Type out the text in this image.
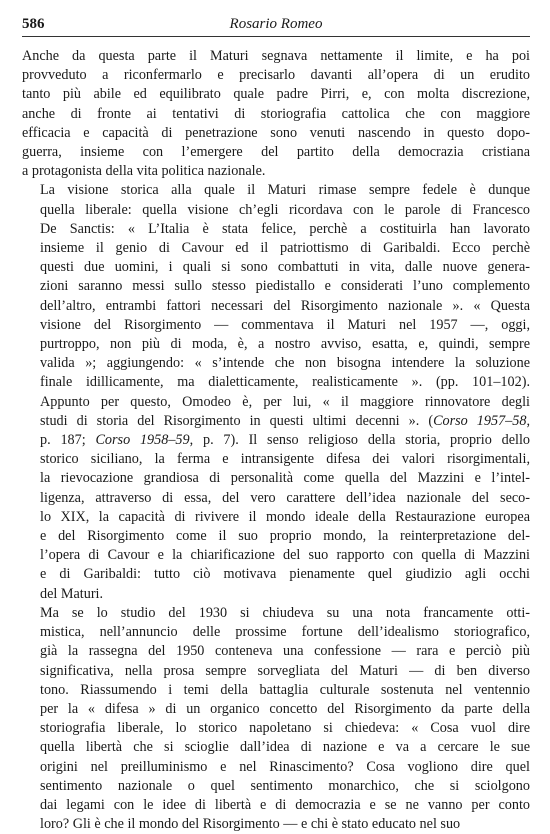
586	Rosario Romeo
Anche da questa parte il Maturi segnava nettamente il limite, e ha poi
provveduto a riconfermarlo e precisarlo davanti all’opera di un erudito
tanto più abile ed equilibrato quale padre Pirri, e, con molta discrezione,
anche di fronte ai tentativi di storiografia cattolica che con maggiore
efficacia e capacità di penetrazione sono venuti nascendo in questo dopo-
guerra, insieme con l’emergere del partito della democrazia cristiana
a protagonista della vita politica nazionale.
La visione storica alla quale il Maturi rimase sempre fedele è dunque
quella liberale: quella visione ch’egli ricordava con le parole di Francesco
De Sanctis: « L’Italia è stata felice, perchè a costituirla han lavorato
insieme il genio di Cavour ed il patriottismo di Garibaldi. Ecco perchè
questi due uomini, i quali si sono combattuti in vita, dalle nuove genera-
zioni saranno messi sullo stesso piedistallo e considerati l’uno complemento
dell’altro, entrambi fattori necessari del Risorgimento nazionale ». « Questa
visione del Risorgimento — commentava il Maturi nel 1957 —, oggi,
purtroppo, non più di moda, è, a nostro avviso, esatta, e, quindi, sempre
valida »; aggiungendo: « s’intende che non bisogna intendere la soluzione
finale idillicamente, ma dialetticamente, realisticamente ». (pp. 101–102).
Appunto per questo, Omodeo è, per lui, « il maggiore rinnovatore degli
studi di storia del Risorgimento in questi ultimi decenni ». (Corso 1957–58,
p. 187; Corso 1958–59, p. 7). Il senso religioso della storia, proprio dello
storico siciliano, la ferma e intransigente difesa dei valori risorgimentali,
la rievocazione grandiosa di personalità come quella del Mazzini e l’intel-
ligenza, attraverso di essa, del vero carattere dell’idea nazionale del seco-
lo XIX, la capacità di rivivere il mondo ideale della Restaurazione europea
e del Risorgimento come il suo proprio mondo, la reinterpretazione del-
l’opera di Cavour e la chiarificazione del suo rapporto con quella di Mazzini
e di Garibaldi: tutto ciò motivava pienamente quel giudizio agli occhi
del Maturi.
Ma se lo studio del 1930 si chiudeva su una nota francamente otti-
mistica, nell’annuncio delle prossime fortune dell’idealismo storiografico,
già la rassegna del 1950 conteneva una confessione — rara e perciò più
significativa, nella prosa sempre sorvegliata del Maturi — di ben diverso
tono. Riassumendo i temi della battaglia culturale sostenuta nel ventennio
per la « difesa » di un organico concetto del Risorgimento da parte della
storiografia liberale, lo storico napoletano si chiedeva: « Cosa vuol dire
quella libertà che si scioglie dall’idea di nazione e va a cercare le sue
origini nel preilluminismo e nel Rinascimento? Cosa vogliono dire quel
sentimento nazionale o quel sentimento monarchico, che si sciolgono
dai legami con le idee di libertà e di democrazia e se ne vanno per conto
loro? Gli è che il mondo del Risorgimento — e chi è stato educato nel suo
